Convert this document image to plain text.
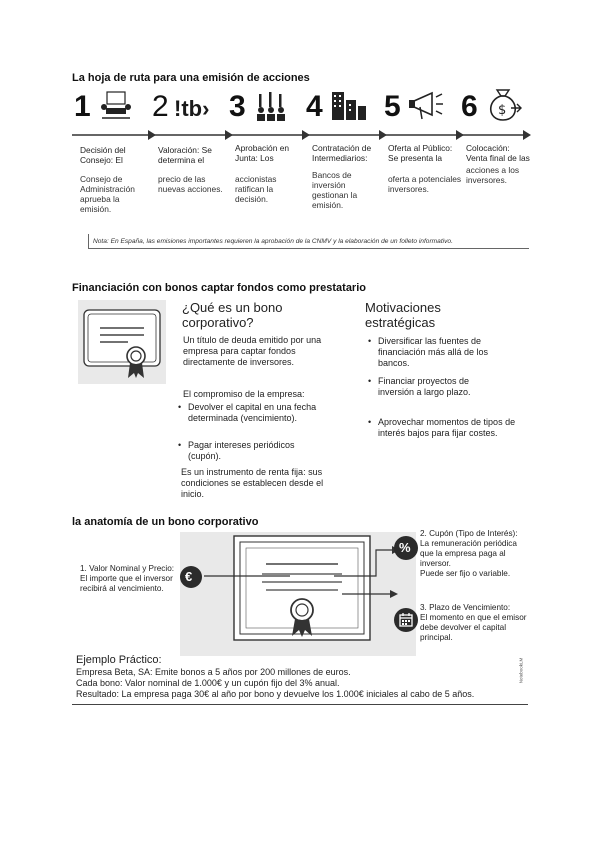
La hoja de ruta para una emisión de acciones
1
Decisión del Consejo: El
Consejo de Administración aprueba la emisión.
2 !tb›
Valoración: Se determina el
precio de las nuevas acciones.
3
Aprobación en Junta: Los
accionistas ratifican la decisión.
4
Contratación de Intermediarios:
Bancos de inversión gestionan la emisión.
5
Oferta al Público: Se presenta la
oferta a potenciales inversores.
6 $
Colocación: Venta final de las
acciones a los inversores.
Nota: En España, las emisiones importantes requieren la aprobación de la CNMV y la elaboración de un folleto informativo.
Financiación con bonos captar fondos como prestatario
¿Qué es un bono corporativo?
Un título de deuda emitido por una empresa para captar fondos directamente de inversores.
El compromiso de la empresa:
• Devolver el capital en una fecha determinada (vencimiento).
• Pagar intereses periódicos (cupón).
Es un instrumento de renta fija: sus condiciones se establecen desde el inicio.
Motivaciones estratégicas
• Diversificar las fuentes de financiación más allá de los bancos.
• Financiar proyectos de inversión a largo plazo.
• Aprovechar momentos de tipos de interés bajos para fijar costes.
la anatomía de un bono corporativo
€
%
1. Valor Nominal y Precio:
El importe que el inversor recibirá al vencimiento.
2. Cupón (Tipo de Interés):
La remuneración periódica que la empresa paga al inversor.
Puede ser fijo o variable.
3. Plazo de Vencimiento:
El momento en que el emisor debe devolver el capital principal.
Ejemplo Práctico:
Empresa Beta, SA: Emite bonos a 5 años por 200 millones de euros.
Cada bono: Valor nominal de 1.000€ y un cupón fijo del 3% anual.
Resultado: La empresa paga 30€ al año por bono y devuelve los 1.000€ iniciales al cabo de 5 años.
NotebookLM
